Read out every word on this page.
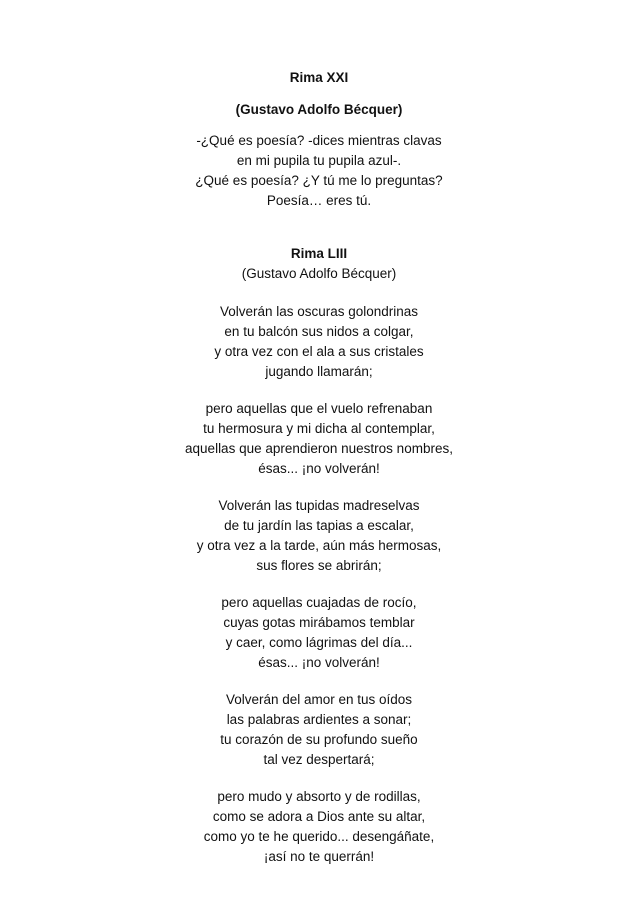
Rima XXI

(Gustavo Adolfo Bécquer)

-¿Qué es poesía? -dices mientras clavas

en mi pupila tu pupila azul-.

¿Qué es poesía? ¿Y tú me lo preguntas?

Poesía… eres tú.

Rima LIII

(Gustavo Adolfo Bécquer)

Volverán las oscuras golondrinas

en tu balcón sus nidos a colgar,

y otra vez con el ala a sus cristales

jugando llamarán;

pero aquellas que el vuelo refrenaban

tu hermosura y mi dicha al contemplar,

aquellas que aprendieron nuestros nombres,

ésas... ¡no volverán!

Volverán las tupidas madreselvas

de tu jardín las tapias a escalar,

y otra vez a la tarde, aún más hermosas,

sus flores se abrirán;

pero aquellas cuajadas de rocío,

cuyas gotas mirábamos temblar

y caer, como lágrimas del día...

ésas... ¡no volverán!

Volverán del amor en tus oídos

las palabras ardientes a sonar;

tu corazón de su profundo sueño

tal vez despertará;

pero mudo y absorto y de rodillas,

como se adora a Dios ante su altar,

como yo te he querido... desengáñate,

¡así no te querrán!
